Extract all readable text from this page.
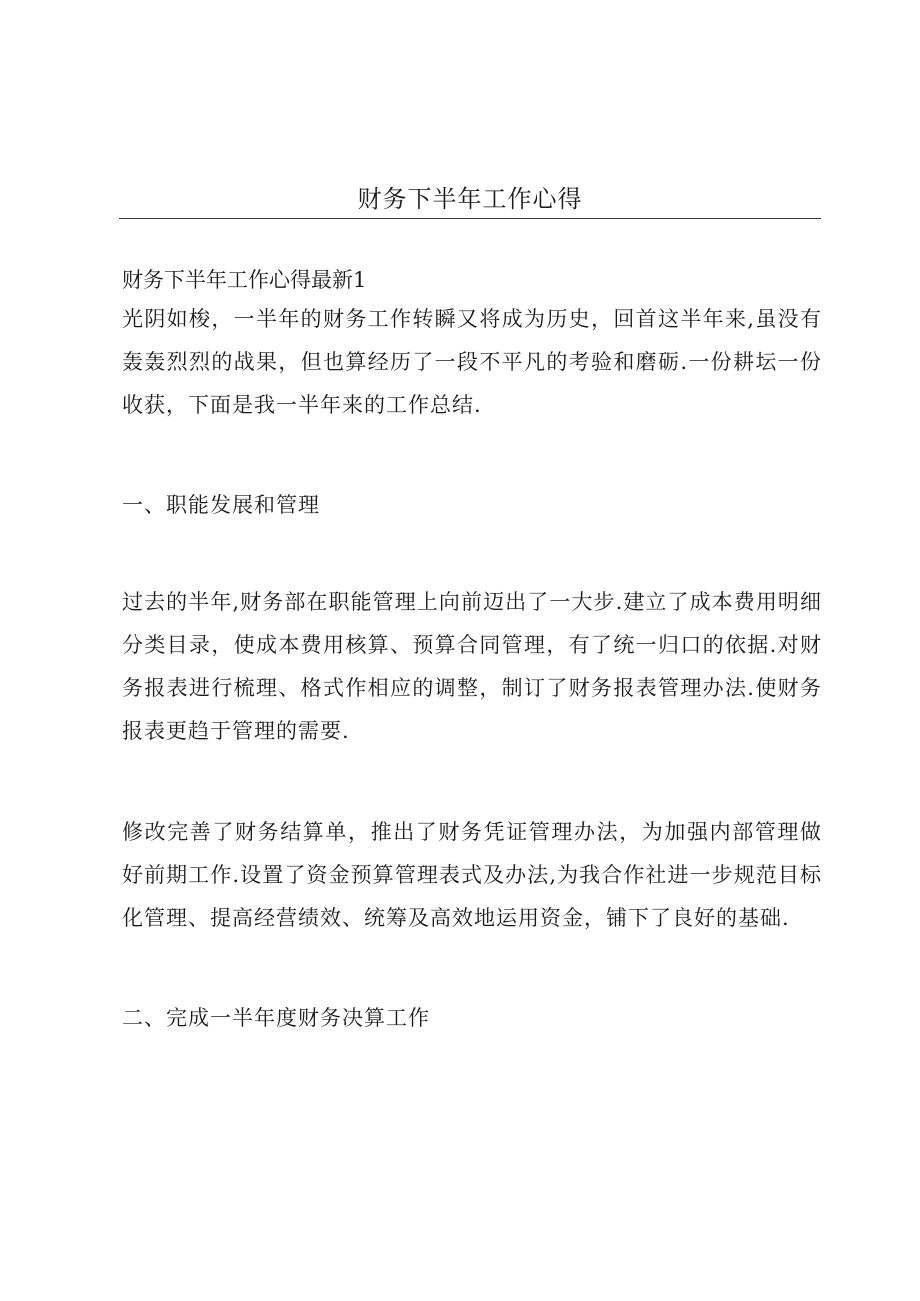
财务下半年工作心得

财务下半年工作心得最新1

光阴如梭，一半年的财务工作转瞬又将成为历史，回首这半年来,虽没有轰轰烈烈的战果，但也算经历了一段不平凡的考验和磨砺.一份耕坛一份收获，下面是我一半年来的工作总结.

一、职能发展和管理

过去的半年,财务部在职能管理上向前迈出了一大步.建立了成本费用明细分类目录，使成本费用核算、预算合同管理，有了统一归口的依据.对财务报表进行梳理、格式作相应的调整，制订了财务报表管理办法.使财务报表更趋于管理的需要.

修改完善了财务结算单，推出了财务凭证管理办法，为加强内部管理做好前期工作.设置了资金预算管理表式及办法,为我合作社进一步规范目标化管理、提高经营绩效、统筹及高效地运用资金，铺下了良好的基础.

二、完成一半年度财务决算工作
